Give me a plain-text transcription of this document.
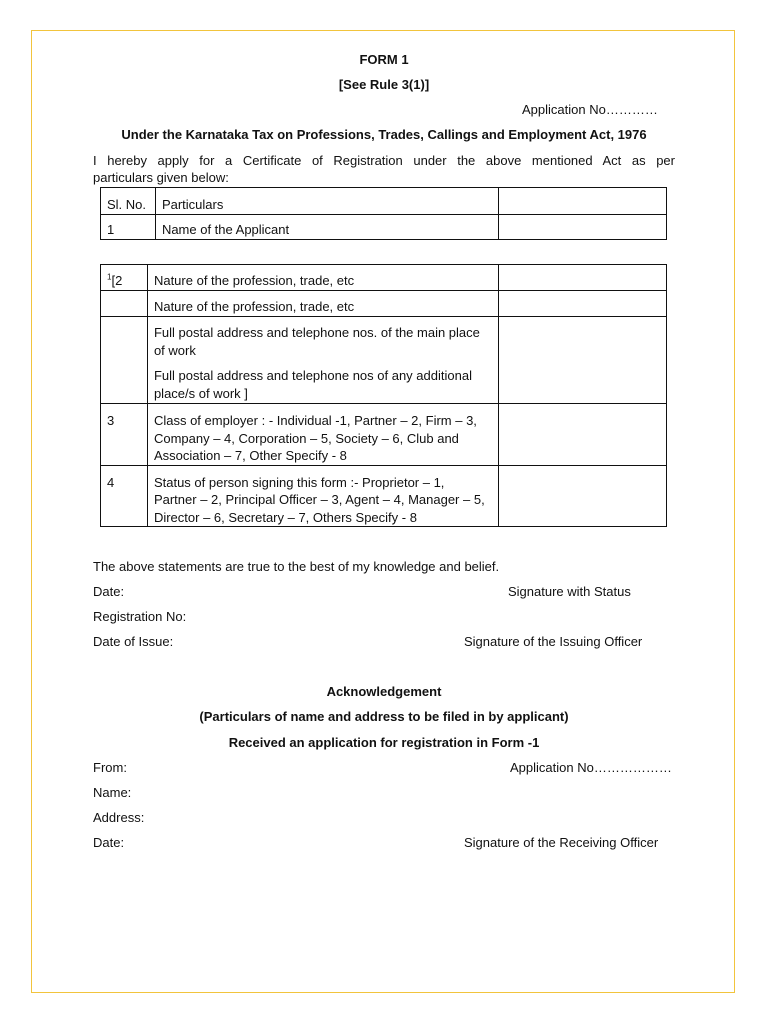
FORM 1
[See Rule 3(1)]
Application No…………
Under the Karnataka Tax on Professions, Trades, Callings and Employment Act, 1976
I hereby apply for a Certificate of Registration under the above mentioned Act as per
particulars given below:
Sl. No.	Particulars	
1	Name of the Applicant	
$^1$[2	Nature of the profession, trade, etc	
	Nature of the profession, trade, etc	

	Full postal address and telephone nos. of the main place of work
Full postal address and telephone nos of any additional place/s of work ]	

3	Class of employer : - Individual -1, Partner – 2, Firm – 3, Company – 4, Corporation – 5, Society – 6, Club and Association – 7, Other Specify - 8	
4	Status of person signing this form :- Proprietor – 1, Partner – 2, Principal Officer – 3, Agent – 4, Manager – 5, Director – 6, Secretary – 7, Others Specify - 8	
The above statements are true to the best of my knowledge and belief.
Date:	Signature with Status
Registration No:
Date of Issue:	Signature of the Issuing Officer
Acknowledgement
(Particulars of name and address to be filed in by applicant)
Received an application for registration in Form -1
From:	Application No………………
Name:
Address:
Date:	Signature of the Receiving Officer
